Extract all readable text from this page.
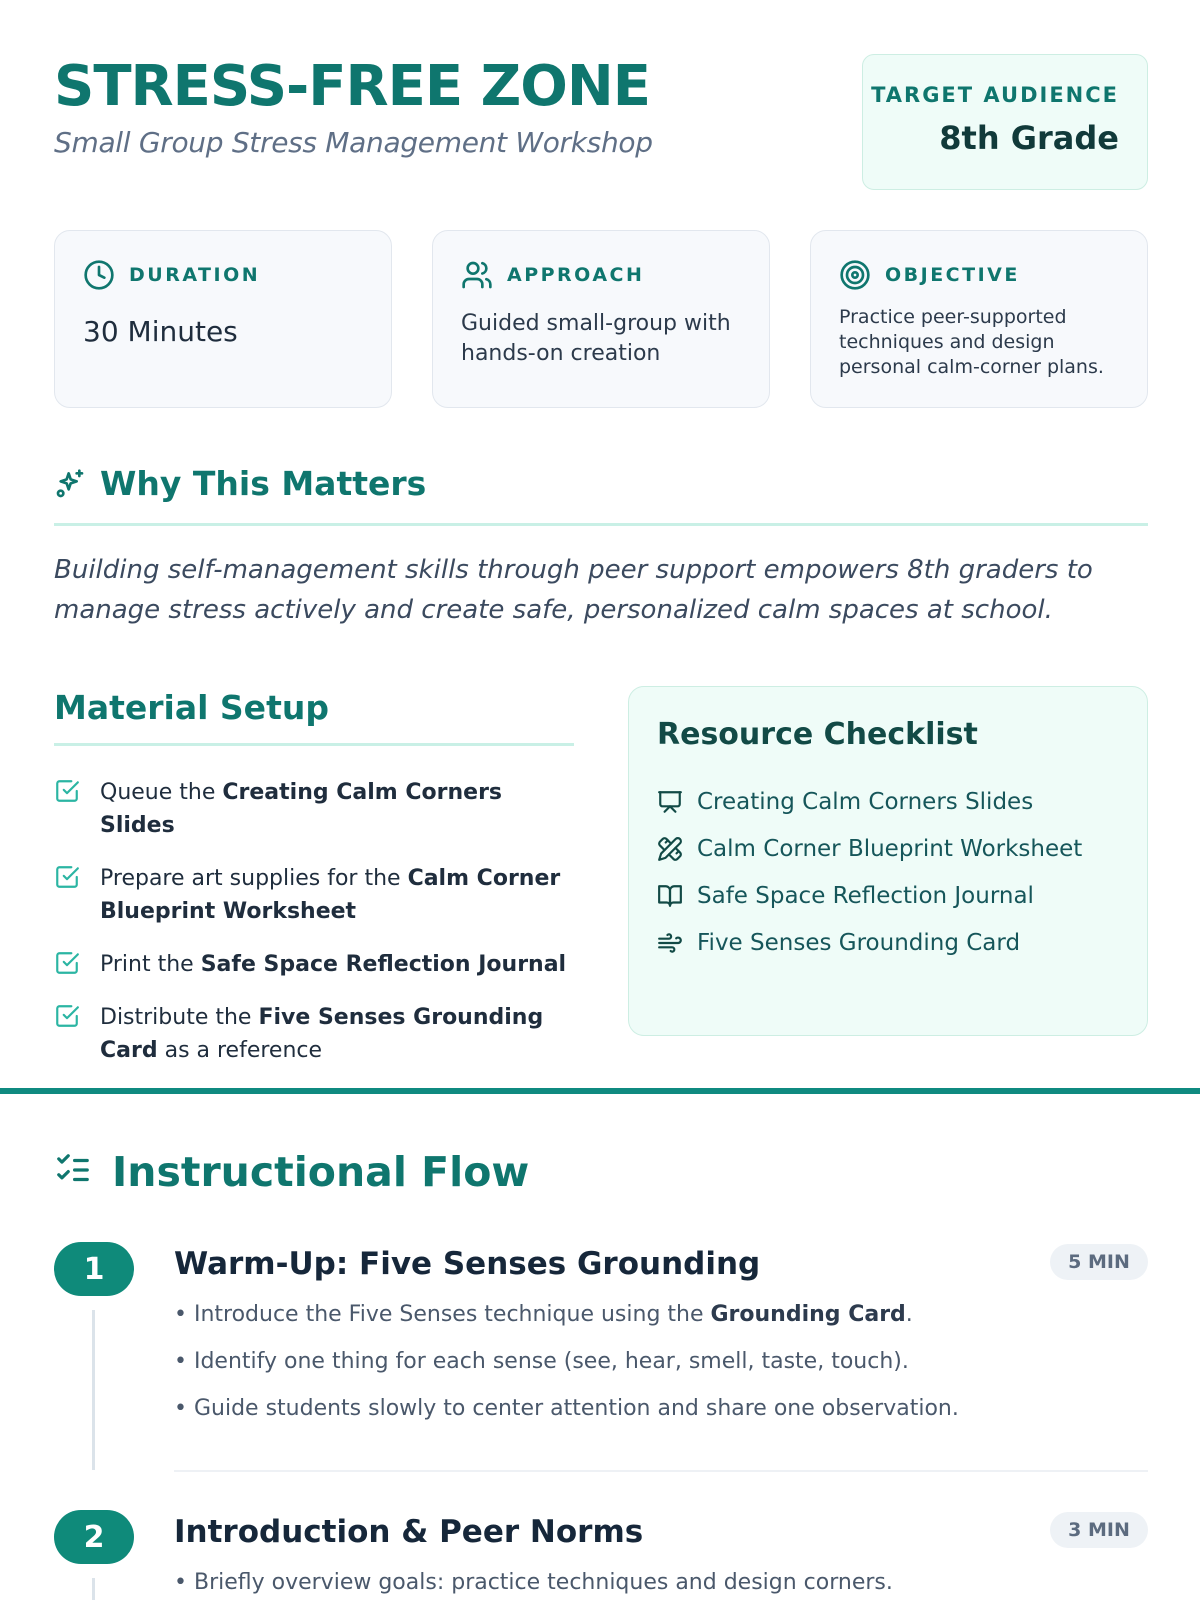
STRESS-FREE ZONE
Small Group Stress Management Workshop
TARGET AUDIENCE
8th Grade
DURATION
30 Minutes
APPROACH
Guided small-group with hands-on creation
OBJECTIVE
Practice peer-supported techniques and design personal calm-corner plans.
Why This Matters
Building self-management skills through peer support empowers 8th graders to manage stress actively and create safe, personalized calm spaces at school.
Material Setup
Queue the Creating Calm Corners Slides
Prepare art supplies for the Calm Corner Blueprint Worksheet
Print the Safe Space Reflection Journal
Distribute the Five Senses Grounding Card as a reference
Resource Checklist
Creating Calm Corners Slides
Calm Corner Blueprint Worksheet
Safe Space Reflection Journal
Five Senses Grounding Card
Instructional Flow
1	Warm-Up: Five Senses Grounding	5 MIN
• Introduce the Five Senses technique using the Grounding Card.
• Identify one thing for each sense (see, hear, smell, taste, touch).
• Guide students slowly to center attention and share one observation.
2	Introduction & Peer Norms	3 MIN
• Briefly overview goals: practice techniques and design corners.
